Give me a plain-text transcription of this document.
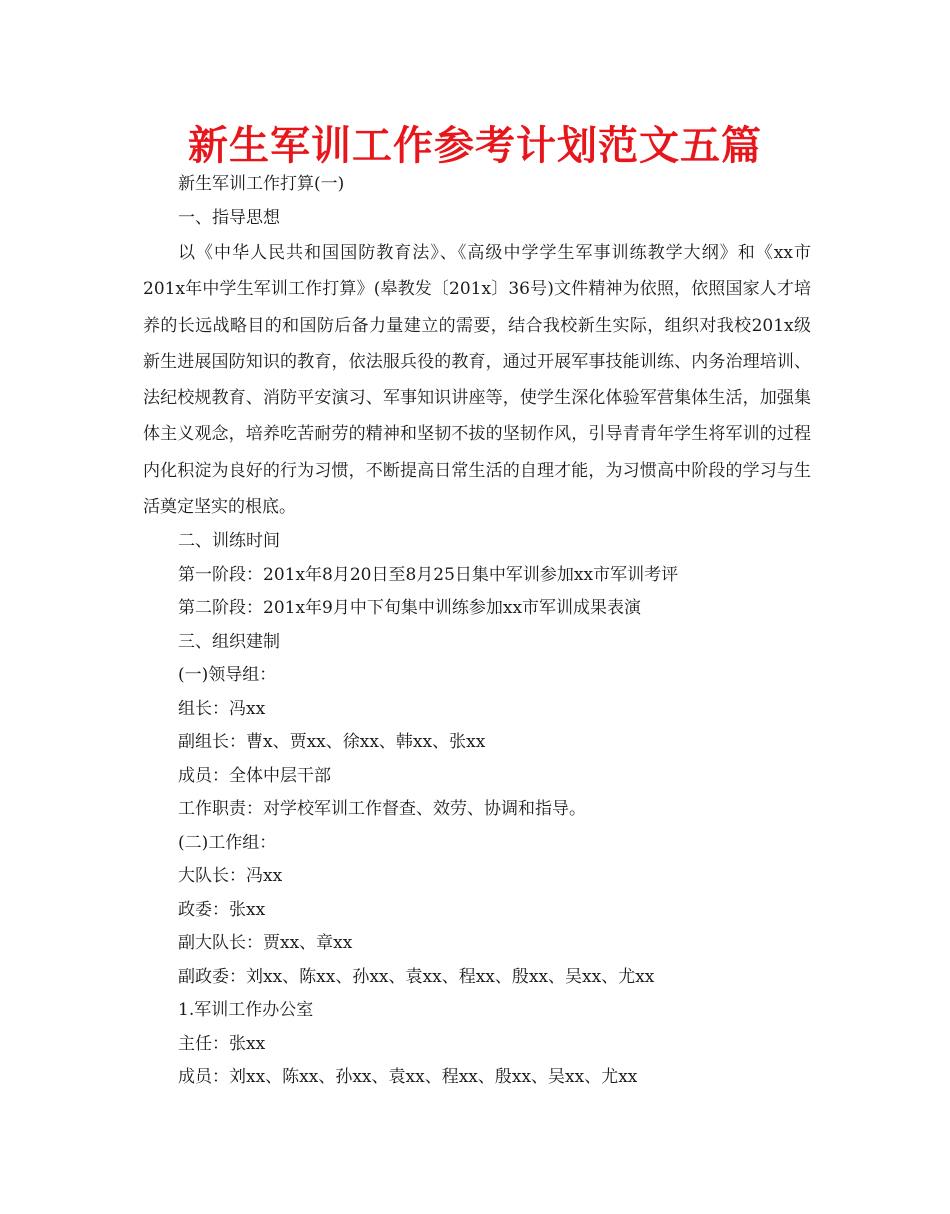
新生军训工作参考计划范文五篇

新生军训工作打算(一)

一、指导思想

以《中华人民共和国国防教育法》、《高级中学学生军事训练教学大纲》和《xx市201x年中学生军训工作打算》(皋教发〔201x〕36号)文件精神为依照，依照国家人才培养的长远战略目的和国防后备力量建立的需要，结合我校新生实际，组织对我校201x级新生进展国防知识的教育，依法服兵役的教育，通过开展军事技能训练、内务治理培训、法纪校规教育、消防平安演习、军事知识讲座等，使学生深化体验军营集体生活，加强集体主义观念，培养吃苦耐劳的精神和坚韧不拔的坚韧作风，引导青青年学生将军训的过程内化积淀为良好的行为习惯，不断提高日常生活的自理才能，为习惯高中阶段的学习与生活奠定坚实的根底。

二、训练时间

第一阶段：201x年8月20日至8月25日集中军训参加xx市军训考评

第二阶段：201x年9月中下旬集中训练参加xx市军训成果表演

三、组织建制

(一)领导组：

组长：冯xx

副组长：曹x、贾xx、徐xx、韩xx、张xx

成员：全体中层干部

工作职责：对学校军训工作督查、效劳、协调和指导。

(二)工作组：

大队长：冯xx

政委：张xx

副大队长：贾xx、章xx

副政委：刘xx、陈xx、孙xx、袁xx、程xx、殷xx、吴xx、尤xx

1.军训工作办公室

主任：张xx

成员：刘xx、陈xx、孙xx、袁xx、程xx、殷xx、吴xx、尤xx
